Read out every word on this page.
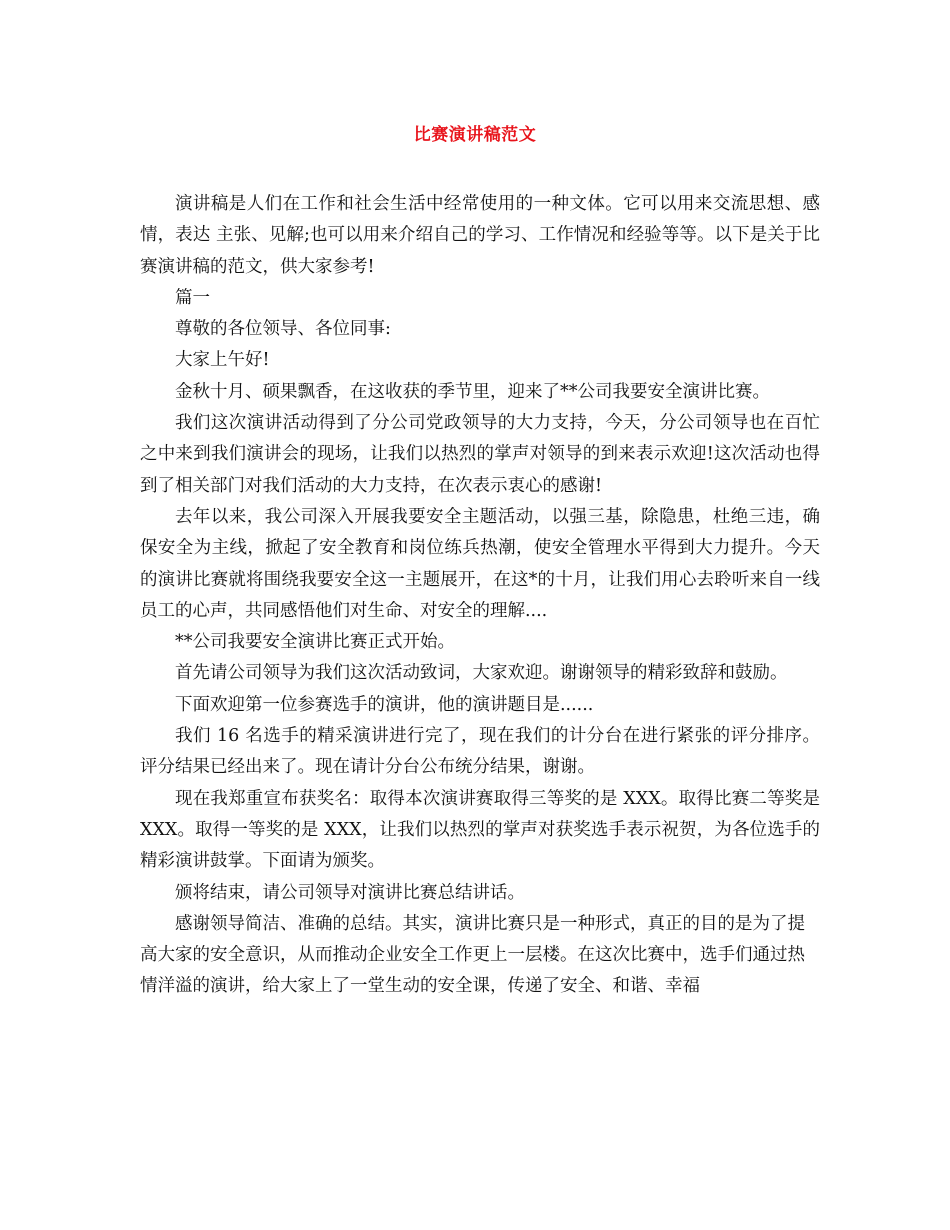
比赛演讲稿范文

演讲稿是人们在工作和社会生活中经常使用的一种文体。它可以用来交流思想、感情，表达 主张、见解;也可以用来介绍自己的学习、工作情况和经验等等。以下是关于比赛演讲稿的范文，供大家参考!

篇一

尊敬的各位领导、各位同事:

大家上午好!

金秋十月、硕果飘香，在这收获的季节里，迎来了**公司我要安全演讲比赛。

我们这次演讲活动得到了分公司党政领导的大力支持，今天，分公司领导也在百忙之中来到我们演讲会的现场，让我们以热烈的掌声对领导的到来表示欢迎!这次活动也得到了相关部门对我们活动的大力支持，在次表示衷心的感谢!

去年以来，我公司深入开展我要安全主题活动，以强三基，除隐患，杜绝三违，确保安全为主线，掀起了安全教育和岗位练兵热潮，使安全管理水平得到大力提升。今天的演讲比赛就将围绕我要安全这一主题展开，在这*的十月，让我们用心去聆听来自一线员工的心声，共同感悟他们对生命、对安全的理解....

**公司我要安全演讲比赛正式开始。

首先请公司领导为我们这次活动致词，大家欢迎。谢谢领导的精彩致辞和鼓励。

下面欢迎第一位参赛选手的演讲，他的演讲题目是......

我们 16 名选手的精采演讲进行完了，现在我们的计分台在进行紧张的评分排序。评分结果已经出来了。现在请计分台公布统分结果，谢谢。

现在我郑重宣布获奖名：取得本次演讲赛取得三等奖的是 XXX。取得比赛二等奖是 XXX。取得一等奖的是 XXX，让我们以热烈的掌声对获奖选手表示祝贺，为各位选手的精彩演讲鼓掌。下面请为颁奖。

颁将结束，请公司领导对演讲比赛总结讲话。

感谢领导简洁、准确的总结。其实，演讲比赛只是一种形式，真正的目的是为了提高大家的安全意识，从而推动企业安全工作更上一层楼。在这次比赛中，选手们通过热情洋溢的演讲，给大家上了一堂生动的安全课，传递了安全、和谐、幸福
